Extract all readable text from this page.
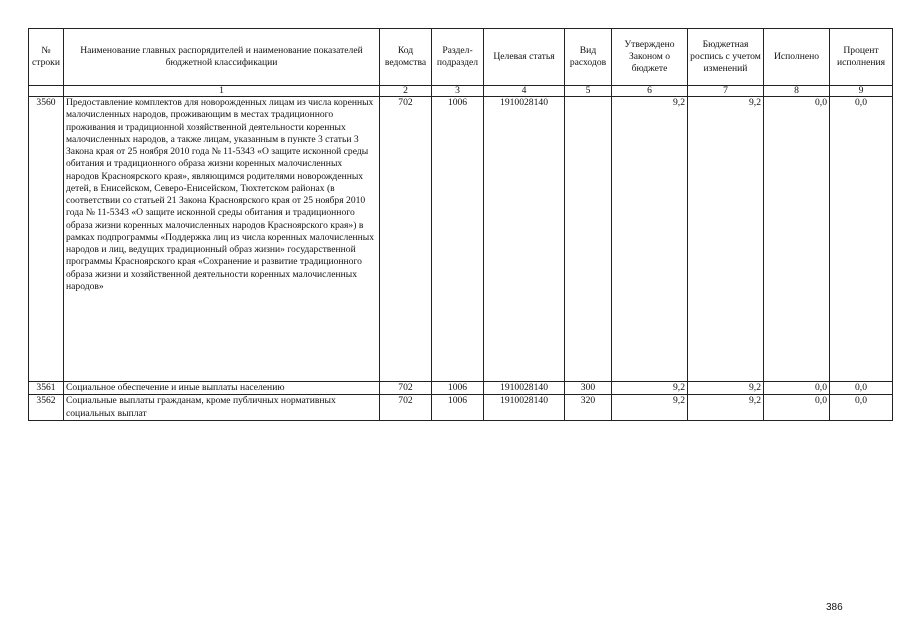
№ строки	Наименование главных распорядителей и наименование показателей бюджетной классификации	Код ведомства	Раздел-подраздел	Целевая статья	Вид расходов	Утверждено Законом о бюджете	Бюджетная роспись с учетом изменений	Исполнено	Процент исполнения
	1	2	3	4	5	6	7	8	9
3560	Предоставление комплектов для новорожденных лицам из числа коренных малочисленных народов, проживающим в местах традиционного проживания и традиционной хозяйственной деятельности коренных малочисленных народов, а также лицам, указанным в пункте 3 статьи 3 Закона края от 25 ноября 2010 года № 11-5343 «О защите исконной среды обитания и традиционного образа жизни коренных малочисленных народов Красноярского края», являющимся родителями новорожденных детей, в Енисейском, Северо-Енисейском, Тюхтетском районах (в соответствии со статьей 21 Закона Красноярского края от 25 ноября 2010 года № 11-5343 «О защите исконной среды обитания и традиционного образа жизни коренных малочисленных народов Красноярского края») в рамках подпрограммы «Поддержка лиц из числа коренных малочисленных народов и лиц, ведущих традиционный образ жизни» государственной программы Красноярского края «Сохранение и развитие традиционного образа жизни и хозяйственной деятельности коренных малочисленных народов»	702	1006	1910028140		9,2	9,2	0,0	0,0
3561	Социальное обеспечение и иные выплаты населению	702	1006	1910028140	300	9,2	9,2	0,0	0,0
3562	Социальные выплаты гражданам, кроме публичных нормативных социальных выплат	702	1006	1910028140	320	9,2	9,2	0,0	0,0
386
